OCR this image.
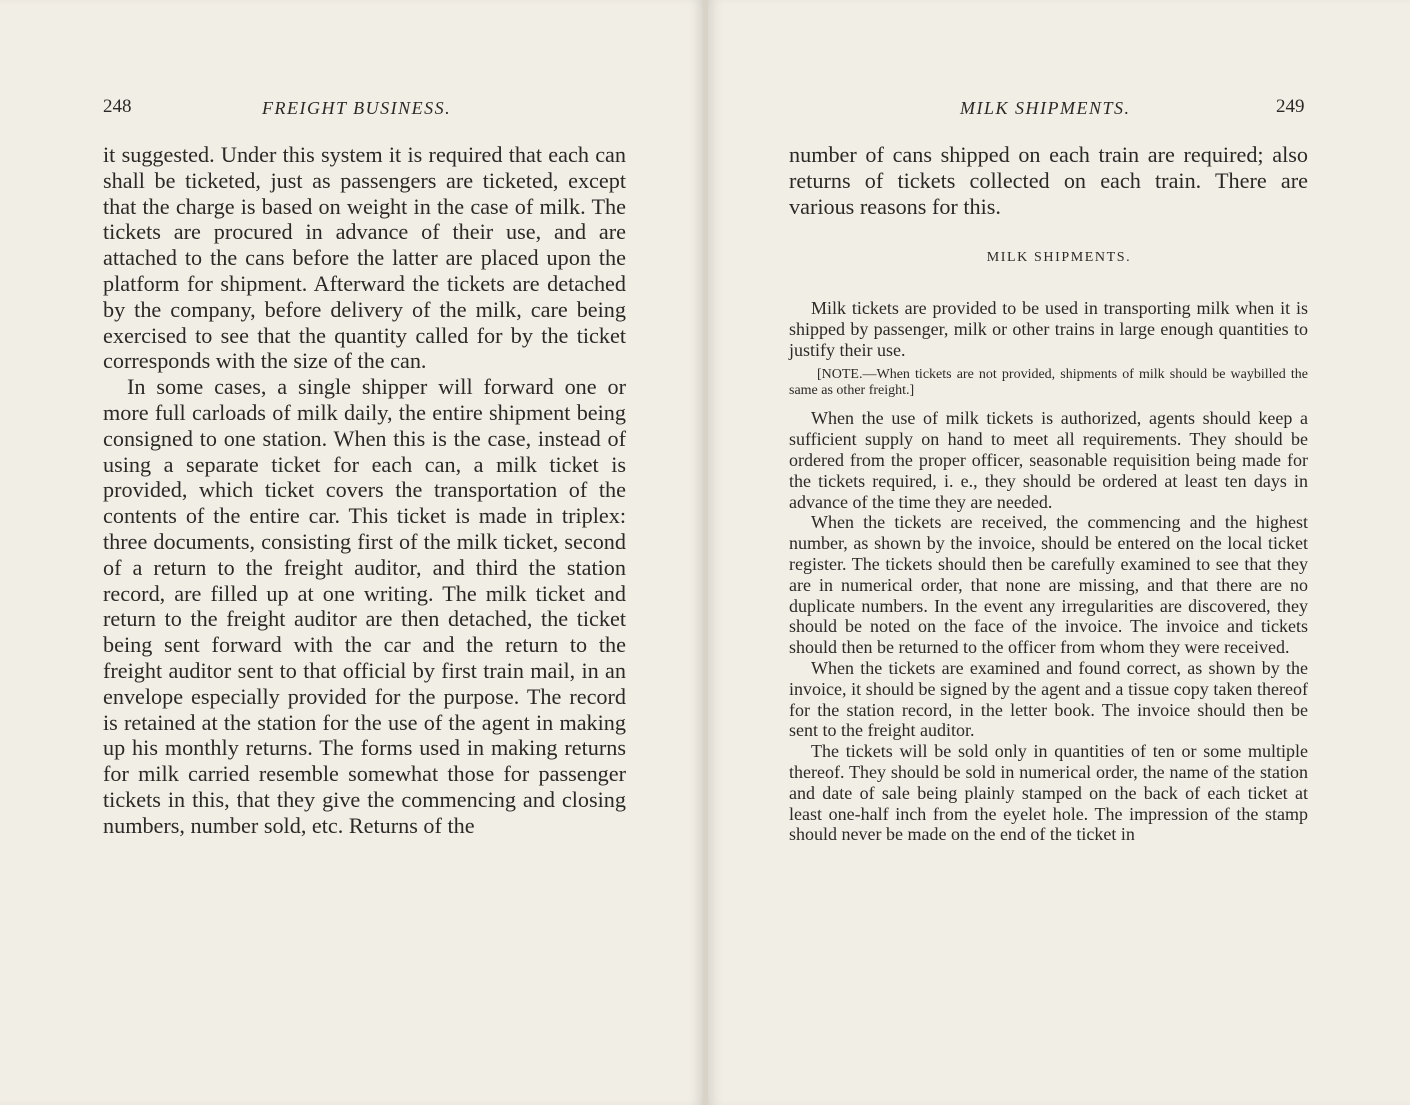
248	FREIGHT BUSINESS.

it suggested. Under this system it is required that each can shall be ticketed, just as passengers are ticketed, except that the charge is based on weight in the case of milk. The tickets are procured in advance of their use, and are attached to the cans before the latter are placed upon the platform for shipment. Afterward the tickets are detached by the company, before delivery of the milk, care being exercised to see that the quantity called for by the ticket corresponds with the size of the can.

In some cases, a single shipper will forward one or more full carloads of milk daily, the entire shipment being consigned to one station. When this is the case, instead of using a separate ticket for each can, a milk ticket is provided, which ticket covers the transportation of the contents of the entire car. This ticket is made in triplex: three documents, consisting first of the milk ticket, second of a return to the freight auditor, and third the station record, are filled up at one writing. The milk ticket and return to the freight auditor are then detached, the ticket being sent forward with the car and the return to the freight auditor sent to that official by first train mail, in an envelope especially provided for the purpose. The record is retained at the station for the use of the agent in making up his monthly returns. The forms used in making returns for milk carried resemble somewhat those for passenger tickets in this, that they give the commencing and closing numbers, number sold, etc. Returns of the

MILK SHIPMENTS.	249

number of cans shipped on each train are required; also returns of tickets collected on each train. There are various reasons for this.

MILK SHIPMENTS.

Milk tickets are provided to be used in transporting milk when it is shipped by passenger, milk or other trains in large enough quantities to justify their use.

[NOTE.—When tickets are not provided, shipments of milk should be waybilled the same as other freight.]

When the use of milk tickets is authorized, agents should keep a sufficient supply on hand to meet all requirements. They should be ordered from the proper officer, seasonable requisition being made for the tickets required, i. e., they should be ordered at least ten days in advance of the time they are needed.

When the tickets are received, the commencing and the highest number, as shown by the invoice, should be entered on the local ticket register. The tickets should then be carefully examined to see that they are in numerical order, that none are missing, and that there are no duplicate numbers. In the event any irregularities are discovered, they should be noted on the face of the invoice. The invoice and tickets should then be returned to the officer from whom they were received.

When the tickets are examined and found correct, as shown by the invoice, it should be signed by the agent and a tissue copy taken thereof for the station record, in the letter book. The invoice should then be sent to the freight auditor.

The tickets will be sold only in quantities of ten or some multiple thereof. They should be sold in numerical order, the name of the station and date of sale being plainly stamped on the back of each ticket at least one-half inch from the eyelet hole. The impression of the stamp should never be made on the end of the ticket in
